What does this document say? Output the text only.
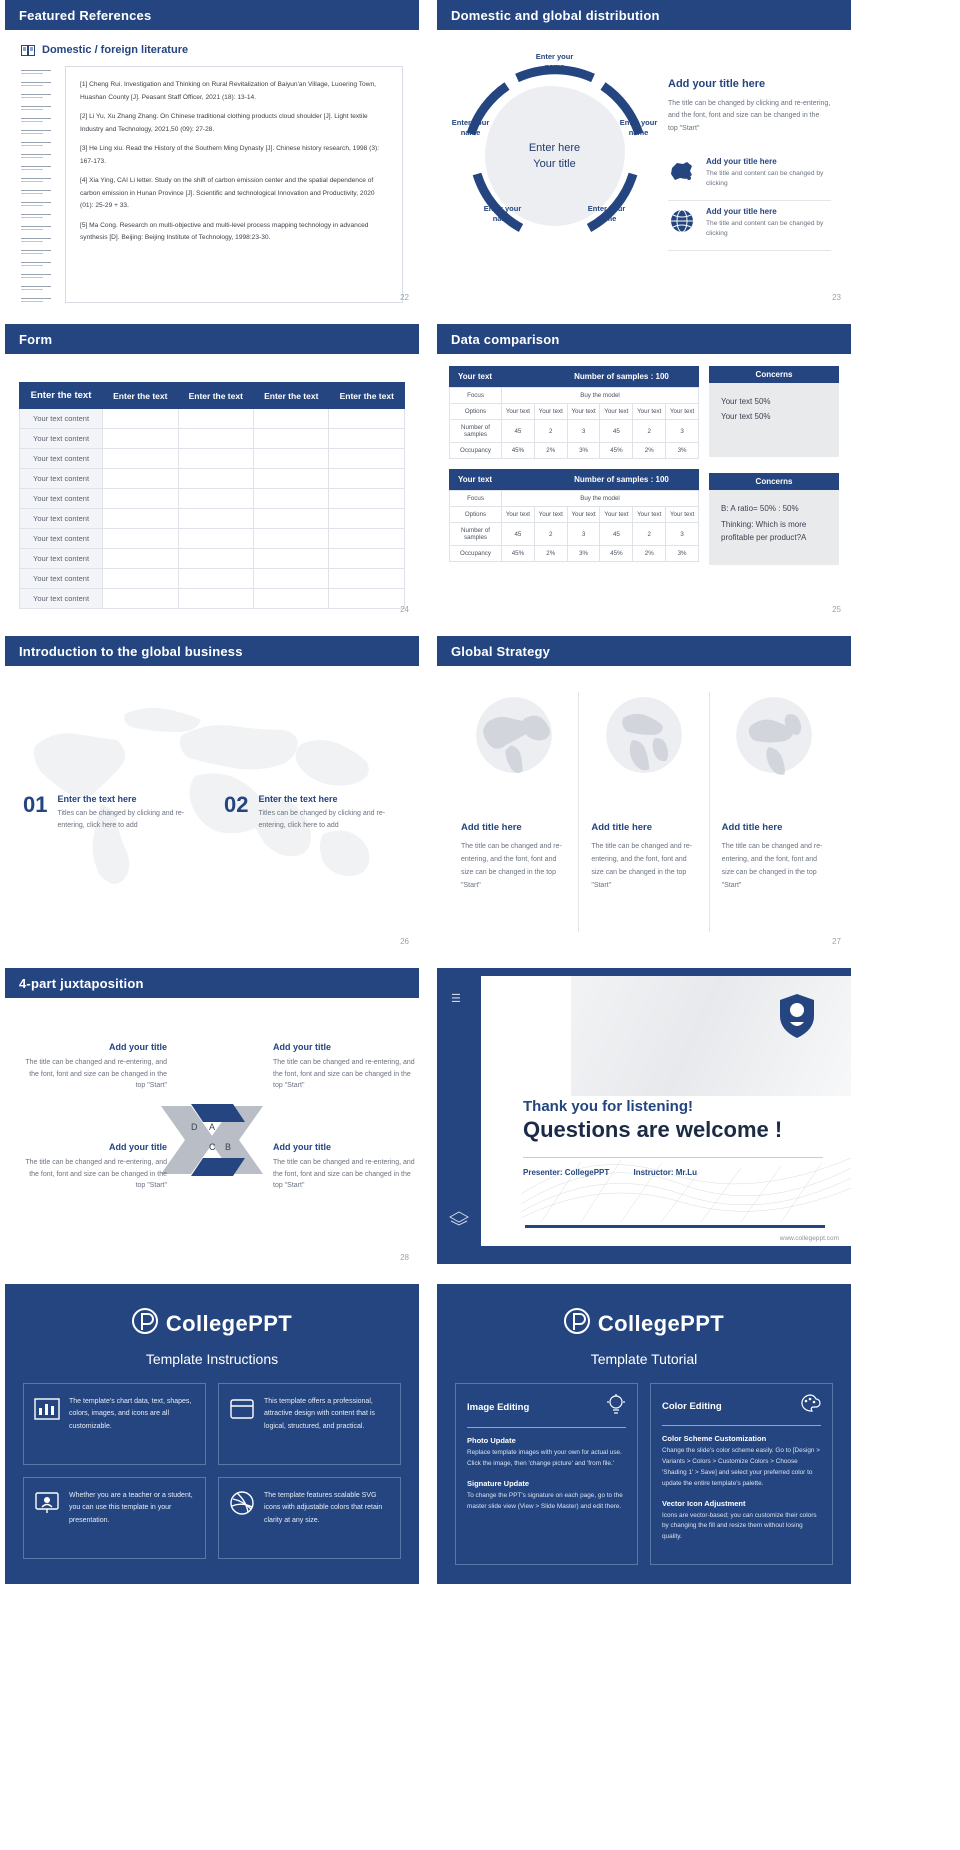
Featured References
Domestic / foreign literature

[1] Cheng Rui. Investigation and Thinking on Rural Revitalization of Baiyun'an Village, Luoering Town, Huashan County [J]. Peasant Staff Officer, 2021 (18): 13-14.

[2] Li Yu, Xu Zhang Zhang. On Chinese traditional clothing products cloud shoulder [J]. Light textile Industry and Technology, 2021,50 (09): 27-28.

[3] He Ling xiu. Read the History of the Southern Ming Dynasty [J]. Chinese history research, 1998 (3): 167-173.

[4] Xia Ying, CAI Li letter. Study on the shift of carbon emission center and the spatial dependence of carbon emission in Hunan Province [J]. Scientific and technological Innovation and Productivity, 2020 (01): 25-29 + 33.

[5] Ma Cong. Research on multi-objective and multi-level process mapping technology in advanced synthesis [D]. Beijing: Beijing Institute of Technology, 1998:23-30.

22
Domestic and global distribution
Enter here
Your title
Enter your name
Enter your name
Enter your name
Enter your name
Enter your name
Add your title here

The title can be changed by clicking and re-entering, and the font, font and size can be changed in the top "Start"

Add your title here

The title and content can be changed by clicking

Add your title here

The title and content can be changed by clicking

23
Form
Enter the text	Enter the text	Enter the text	Enter the text	Enter the text
Your text content				
Your text content				
Your text content				
Your text content				
Your text content				
Your text content				
Your text content				
Your text content				
Your text content				
Your text content				
24
Data comparison
Your text	Number of samples : 100
Focus	Buy the model					
Options	Your text	Your text	Your text	Your text	Your text	Your text
Number of samples	45	2	3	45	2	3
Occupancy	45%	2%	3%	45%	2%	3%
Your text	Number of samples : 100
Focus	Buy the model					
Options	Your text	Your text	Your text	Your text	Your text	Your text
Number of samples	45	2	3	45	2	3
Occupancy	45%	2%	3%	45%	2%	3%
Concerns

Your text 50%

Your text 50%

Concerns

B: A ratio= 50% : 50%

Thinking: Which is more profitable per product?A

25
Introduction to the global business
01 Enter the text here

Titles can be changed by clicking and re-entering, click here to add

02 Enter the text here

Titles can be changed by clicking and re-entering, click here to add

26
Global Strategy
Add title here

The title can be changed and re-entering, and the font, font and size can be changed in the top "Start"

Add title here

The title can be changed and re-entering, and the font, font and size can be changed in the top "Start"

Add title here

The title can be changed and re-entering, and the font, font and size can be changed in the top "Start"

27
4-part juxtaposition
D A
C B
Add your title

The title can be changed and re-entering, and the font, font and size can be changed in the top "Start"

Add your title

The title can be changed and re-entering, and the font, font and size can be changed in the top "Start"

Add your title

The title can be changed and re-entering, and the font, font and size can be changed in the top "Start"

Add your title

The title can be changed and re-entering, and the font, font and size can be changed in the top "Start"

28
☰

Thank you for listening!

Questions are welcome !

Presenter: CollegePPT	Instructor: Mr.Lu
www.collegeppt.com
CollegePPT
Template Instructions

The template's chart data, text, shapes, colors, images, and icons are all customizable.

This template offers a professional, attractive design with content that is logical, structured, and practical.

Whether you are a teacher or a student, you can use this template in your presentation.

The template features scalable SVG icons with adjustable colors that retain clarity at any size.

CollegePPT
Template Tutorial
Image Editing
Photo Update

Replace template images with your own for actual use. Click the image, then 'change picture' and 'from file.'

Signature Update

To change the PPT's signature on each page, go to the master slide view (View > Slide Master) and edit there.

Color Editing
Color Scheme Customization

Change the slide's color scheme easily. Go to [Design > Variants > Colors > Customize Colors > Choose 'Shading 1' > Save] and select your preferred color to update the entire template's palette.

Vector Icon Adjustment

Icons are vector-based; you can customize their colors by changing the fill and resize them without losing quality.
